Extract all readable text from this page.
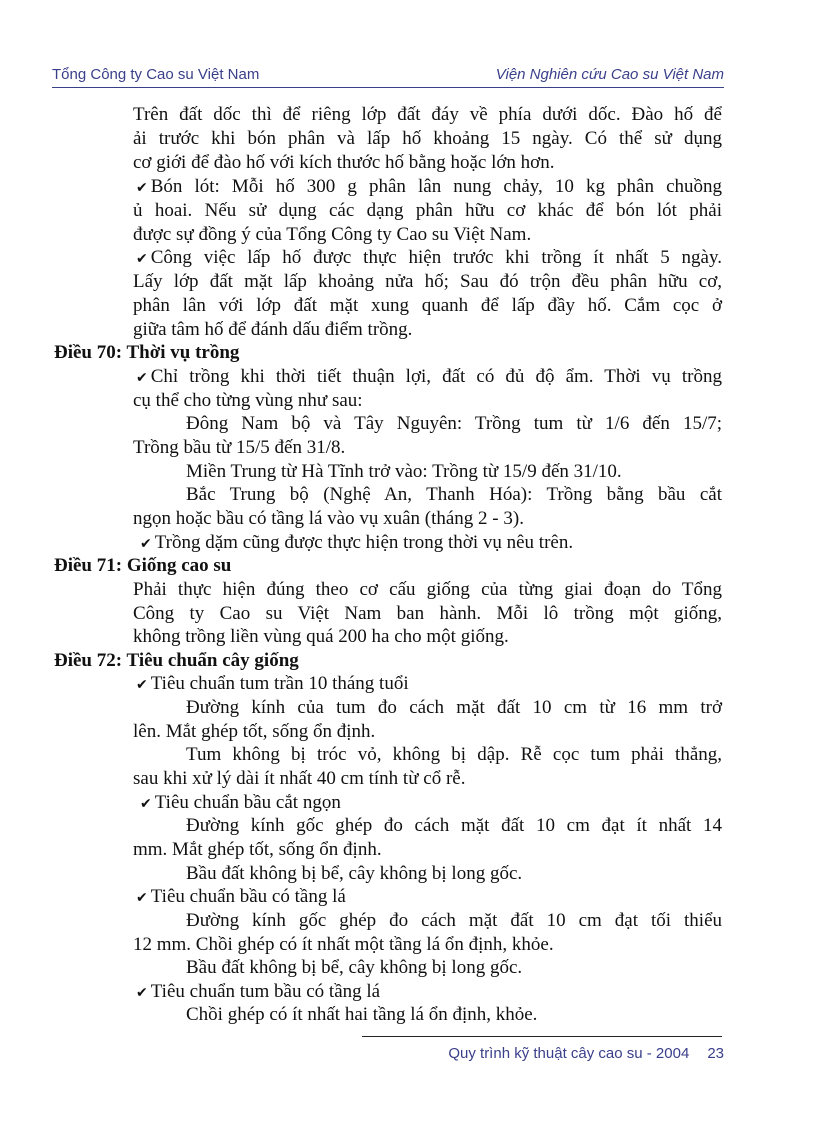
Tổng Công ty Cao su Việt Nam	Viện Nghiên cứu Cao su Việt Nam
Trên đất dốc thì để riêng lớp đất đáy về phía dưới dốc. Đào hố để
ải trước khi bón phân và lấp hố khoảng 15 ngày. Có thể sử dụng
cơ giới để đào hố với kích thước hố bằng hoặc lớn hơn.
✔ Bón lót: Mỗi hố 300 g phân lân nung chảy, 10 kg phân chuồng
ủ hoai. Nếu sử dụng các dạng phân hữu cơ khác để bón lót phải
được sự đồng ý của Tổng Công ty Cao su Việt Nam.
✔ Công việc lấp hố được thực hiện trước khi trồng ít nhất 5 ngày.
Lấy lớp đất mặt lấp khoảng nửa hố; Sau đó trộn đều phân hữu cơ,
phân lân với lớp đất mặt xung quanh để lấp đầy hố. Cắm cọc ở
giữa tâm hố để đánh dấu điểm trồng.
Điều 70: Thời vụ trồng
✔ Chỉ trồng khi thời tiết thuận lợi, đất có đủ độ ẩm. Thời vụ trồng
cụ thể cho từng vùng như sau:
Đông Nam bộ và Tây Nguyên: Trồng tum từ 1/6 đến 15/7;
Trồng bầu từ 15/5 đến 31/8.
Miền Trung từ Hà Tĩnh trở vào: Trồng từ 15/9 đến 31/10.
Bắc Trung bộ (Nghệ An, Thanh Hóa): Trồng bằng bầu cắt
ngọn hoặc bầu có tầng lá vào vụ xuân (tháng 2 - 3).
✔ Trồng dặm cũng được thực hiện trong thời vụ nêu trên.
Điều 71: Giống cao su
Phải thực hiện đúng theo cơ cấu giống của từng giai đoạn do Tổng
Công ty Cao su Việt Nam ban hành. Mỗi lô trồng một giống,
không trồng liền vùng quá 200 ha cho một giống.
Điều 72: Tiêu chuẩn cây giống
✔ Tiêu chuẩn tum trần 10 tháng tuổi
Đường kính của tum đo cách mặt đất 10 cm từ 16 mm trở
lên. Mắt ghép tốt, sống ổn định.
Tum không bị tróc vỏ, không bị dập. Rễ cọc tum phải thẳng,
sau khi xử lý dài ít nhất 40 cm tính từ cổ rễ.
✔ Tiêu chuẩn bầu cắt ngọn
Đường kính gốc ghép đo cách mặt đất 10 cm đạt ít nhất 14
mm. Mắt ghép tốt, sống ổn định.
Bầu đất không bị bể, cây không bị long gốc.
✔ Tiêu chuẩn bầu có tầng lá
Đường kính gốc ghép đo cách mặt đất 10 cm đạt tối thiểu
12 mm. Chồi ghép có ít nhất một tầng lá ổn định, khỏe.
Bầu đất không bị bể, cây không bị long gốc.
✔ Tiêu chuẩn tum bầu có tầng lá
Chồi ghép có ít nhất hai tầng lá ổn định, khỏe.
Quy trình kỹ thuật cây cao su - 2004 23
